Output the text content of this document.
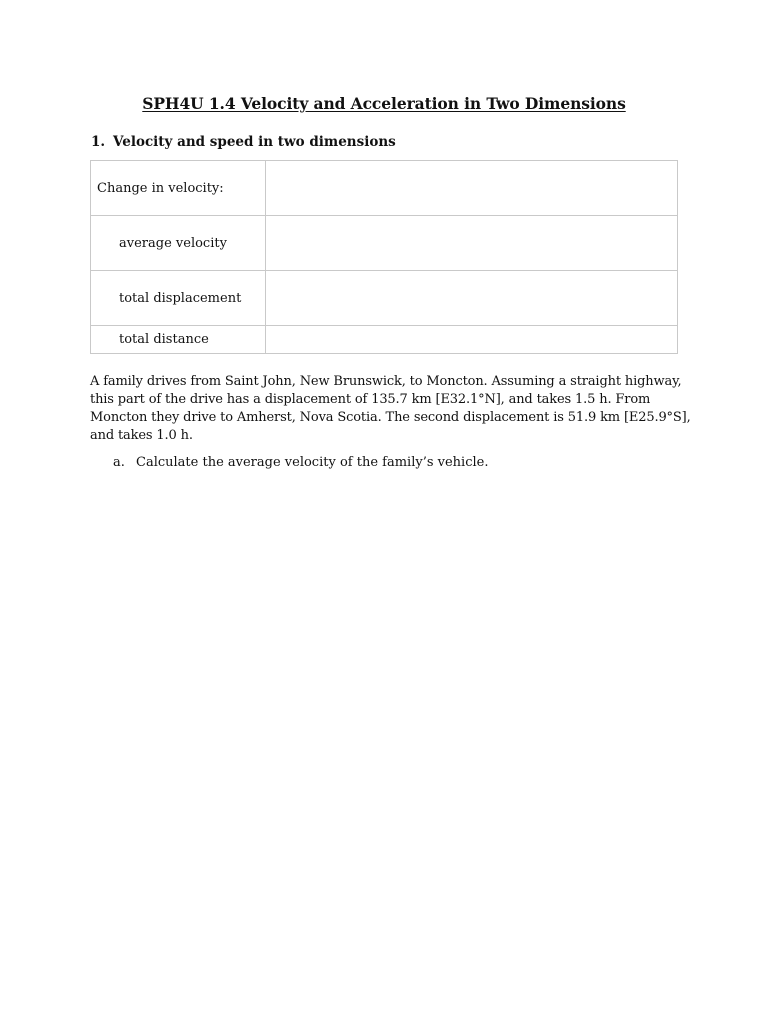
SPH4U 1.4 Velocity and Acceleration in Two Dimensions
1. Velocity and speed in two dimensions
Change in velocity:	

average velocity	

total displacement	

total distance	

A family drives from Saint John, New Brunswick, to Moncton. Assuming a straight highway,
this part of the drive has a displacement of 135.7 km [E32.1°N], and takes 1.5 h. From
Moncton they drive to Amherst, Nova Scotia. The second displacement is 51.9 km [E25.9°S],
and takes 1.0 h.
a. Calculate the average velocity of the family’s vehicle.
